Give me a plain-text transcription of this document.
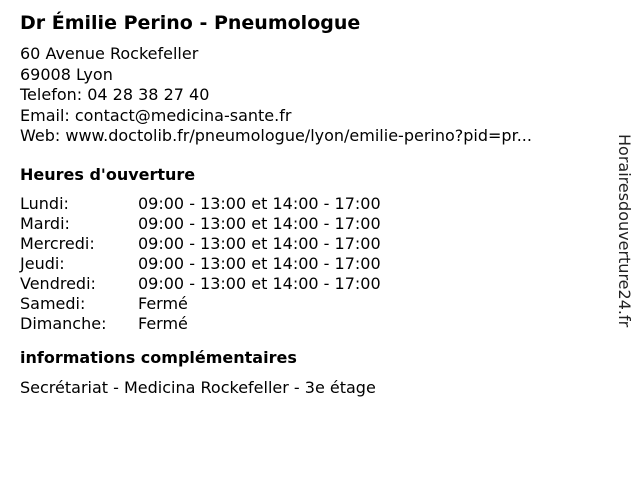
Dr Émilie Perino - Pneumologue
60 Avenue Rockefeller
69008 Lyon
Telefon: 04 28 38 27 40
Email: contact@medicina-sante.fr
Web: www.doctolib.fr/pneumologue/lyon/emilie-perino?pid=pr...
Heures d'ouverture
Lundi:	09:00 - 13:00 et 14:00 - 17:00
Mardi:	09:00 - 13:00 et 14:00 - 17:00
Mercredi:	09:00 - 13:00 et 14:00 - 17:00
Jeudi:	09:00 - 13:00 et 14:00 - 17:00
Vendredi:	09:00 - 13:00 et 14:00 - 17:00
Samedi:	Fermé
Dimanche:	Fermé
informations complémentaires
Secrétariat - Medicina Rockefeller - 3e étage
Horairesdouverture24.fr
